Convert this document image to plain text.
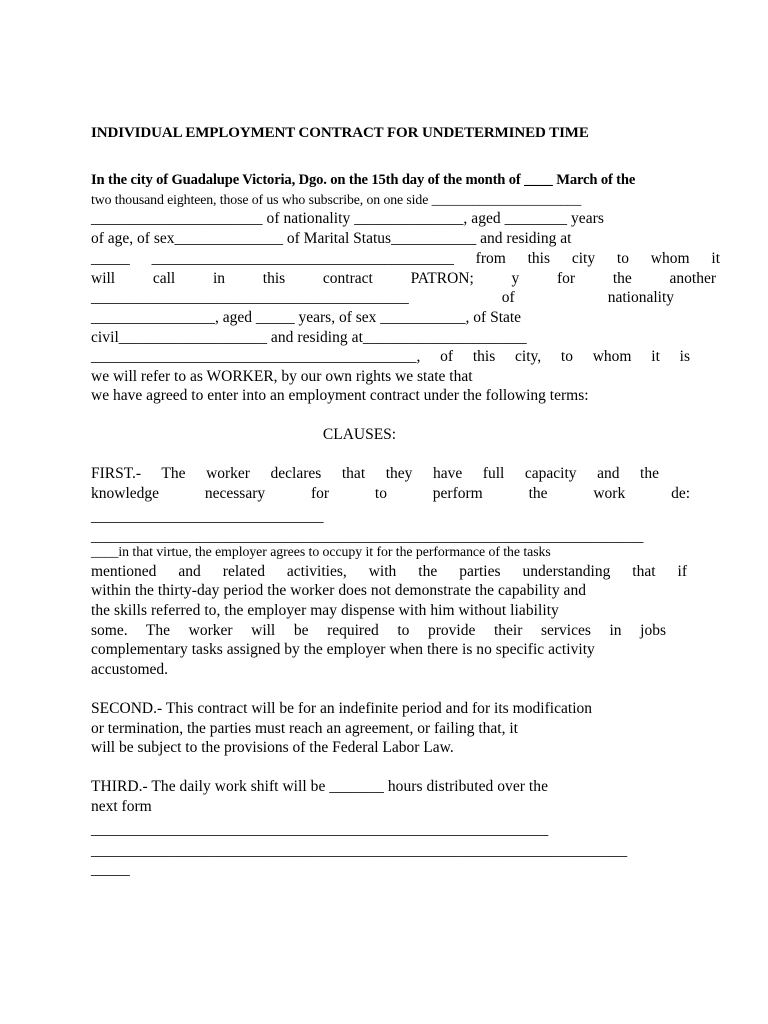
INDIVIDUAL EMPLOYMENT CONTRACT FOR UNDETERMINED TIME
In the city of Guadalupe Victoria, Dgo. on the 15th day of the month of ____ March of the
two thousand eighteen, those of us who subscribe, on one side ______________________
______________________ of nationality ______________, aged ________ years
of age, of sex______________ of Marital Status___________ and residing at
_____ _______________________________________ from this city to whom it
will call in this contract PATRON; y for the another
_________________________________________ of nationality
________________, aged _____ years, of sex ___________, of State
civil___________________ and residing at_____________________
__________________________________________, of this city, to whom it is
we will refer to as WORKER, by our own rights we state that
we have agreed to enter into an employment contract under the following terms:
CLAUSES:
FIRST.- The worker declares that they have full capacity and the
knowledge necessary for to perform the work de:
______________________________
_______________________________________________________________________
____in that virtue, the employer agrees to occupy it for the performance of the tasks
mentioned and related activities, with the parties understanding that if
within the thirty-day period the worker does not demonstrate the capability and
the skills referred to, the employer may dispense with him without liability
some. The worker will be required to provide their services in jobs
complementary tasks assigned by the employer when there is no specific activity
accustomed.
SECOND.- This contract will be for an indefinite period and for its modification
or termination, the parties must reach an agreement, or failing that, it
will be subject to the provisions of the Federal Labor Law.
THIRD.- The daily work shift will be _______ hours distributed over the
next form
___________________________________________________________
_____________________________________________________________________
_____
